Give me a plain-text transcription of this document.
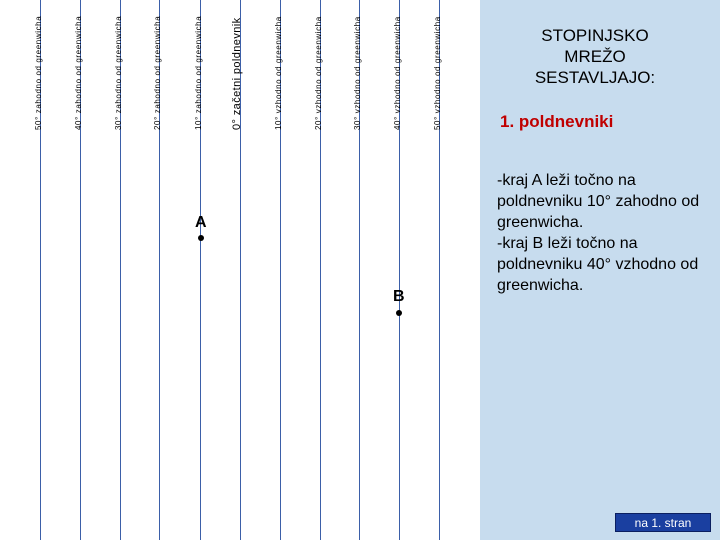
50° zahodno od greenwicha	40° zahodno od greenwicha	30° zahodno od greenwicha	20° zahodno od greenwicha	10° zahodno od greenwicha	0° začetni poldnevnik	10° vzhodno od greenwicha	20° vzhodno od greenwicha	30° vzhodno od greenwicha	40° vzhodno od greenwicha	50° vzhodno od greenwicha
A
B
STOPINJSKO
MREŽO
SESTAVLJAJO:
1. poldnevniki
-kraj A leži točno na poldnevniku 10° zahodno od greenwicha.
-kraj B leži točno na poldnevniku 40° vzhodno od greenwicha.
na 1. stran
